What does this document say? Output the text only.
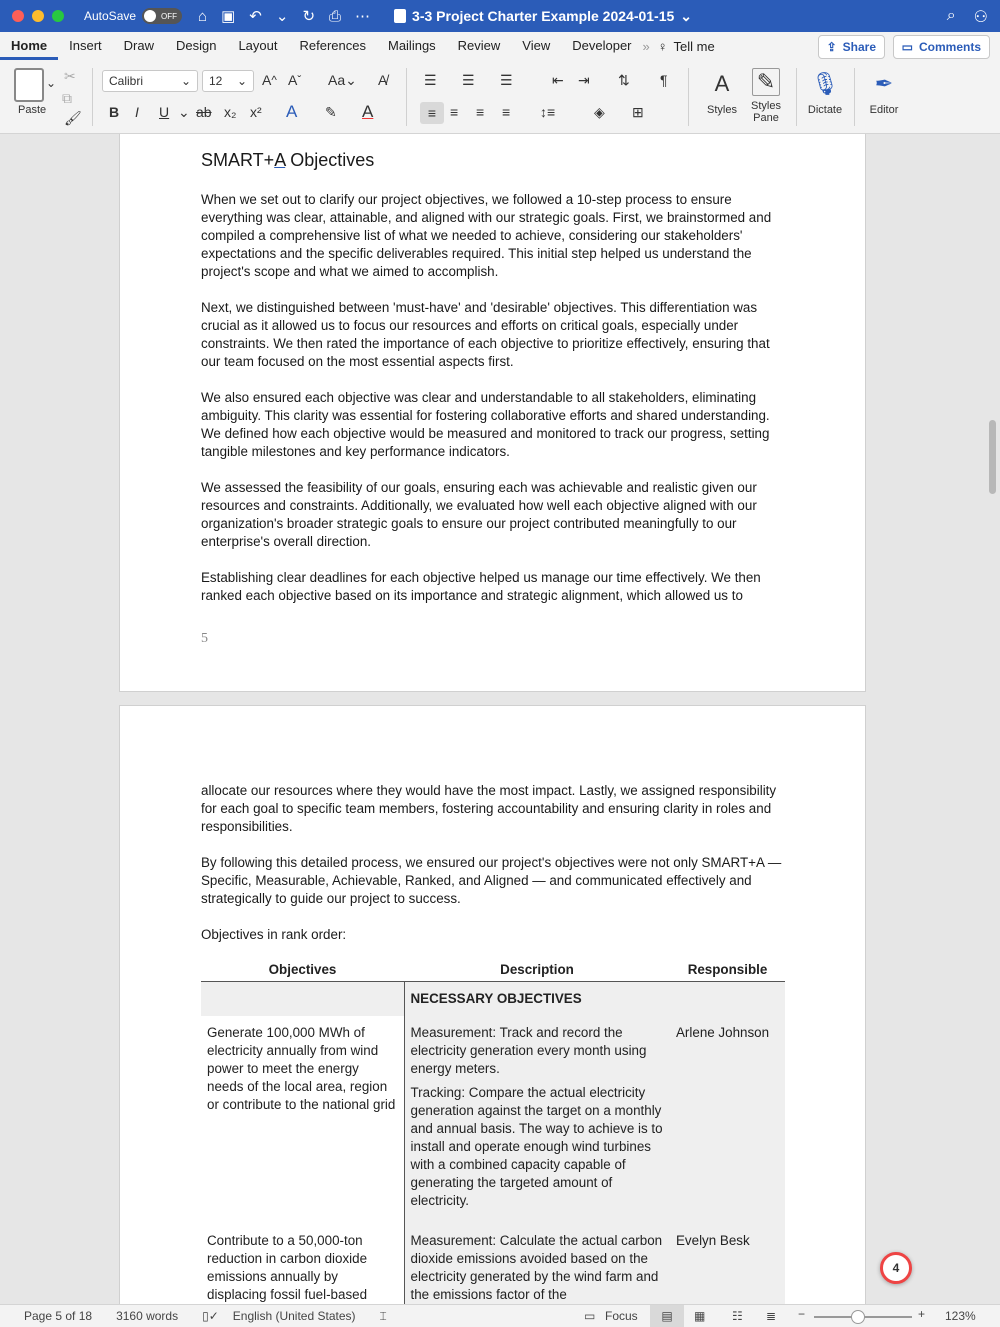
AutoSave	OFF ⌂ ▣ ↶ ⌄ ↻ ⎙ ⋯	3-3 Project Charter Example 2024-01-15 ⌄	⌕ ⚇
Home	Insert	Draw	Design	Layout	References	Mailings	Review	View	Developer » ♀ Tell me	⇪ Share ▭ Comments
⌄
Paste
✂
⧉
🖌
Calibri	⌄ 12 ⌄ A ^ A ˇ Aa⌄ A̸
B I U ⌄ ab x₂ x² A ✎ A
☰ ☰ ☰	⇤ ⇥ ⇅ ¶
≡ ≡ ≡ ≡ ↕≡	◈ ⊞
A
Styles
✎
Styles Pane
🎙
Dictate
✒
Editor
SMART+A Objectives

When we set out to clarify our project objectives, we followed a 10-step process to ensure everything was clear, attainable, and aligned with our strategic goals. First, we brainstormed and compiled a comprehensive list of what we needed to achieve, considering our stakeholders' expectations and the specific deliverables required. This initial step helped us understand the project's scope and what we aimed to accomplish.

Next, we distinguished between 'must-have' and 'desirable' objectives. This differentiation was crucial as it allowed us to focus our resources and efforts on critical goals, especially under constraints. We then rated the importance of each objective to prioritize effectively, ensuring that our team focused on the most essential aspects first.

We also ensured each objective was clear and understandable to all stakeholders, eliminating ambiguity. This clarity was essential for fostering collaborative efforts and shared understanding. We defined how each objective would be measured and monitored to track our progress, setting tangible milestones and key performance indicators.

We assessed the feasibility of our goals, ensuring each was achievable and realistic given our resources and constraints. Additionally, we evaluated how well each objective aligned with our organization's broader strategic goals to ensure our project contributed meaningfully to our enterprise's overall direction.

Establishing clear deadlines for each objective helped us manage our time effectively. We then ranked each objective based on its importance and strategic alignment, which allowed us to

5

allocate our resources where they would have the most impact. Lastly, we assigned responsibility for each goal to specific team members, fostering accountability and ensuring clarity in roles and responsibilities.

By following this detailed process, we ensured our project's objectives were not only SMART+A — Specific, Measurable, Achievable, Ranked, and Aligned — and communicated effectively and strategically to guide our project to success.

Objectives in rank order:

Objectives	Description	Responsible
	NECESSARY OBJECTIVES	
Generate 100,000 MWh of electricity annually from wind power to meet the energy needs of the local area, region or contribute to the national grid	Measurement: Track and record the electricity generation every month using energy meters.

Tracking: Compare the actual electricity generation against the target on a monthly and annual basis. The way to achieve is to install and operate enough wind turbines with a combined capacity capable of generating the targeted amount of electricity.	Arlene Johnson
Contribute to a 50,000-ton reduction in carbon dioxide emissions annually by displacing fossil fuel-based	Measurement: Calculate the actual carbon dioxide emissions avoided based on the electricity generated by the wind farm and the emissions factor of the	Evelyn Besk
4
Page 5 of 18 3160 words ▯✓ English (United States) ⌶	▭ Focus	▤	▦ ☷ ≣ −	+ 123%
